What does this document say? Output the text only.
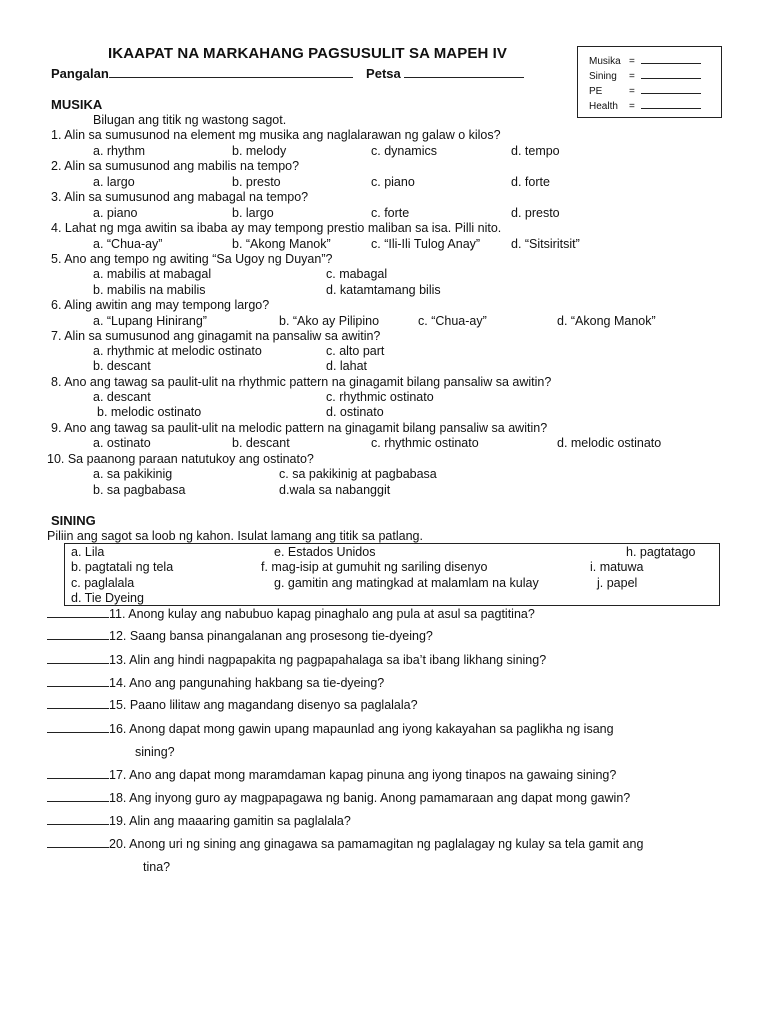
IKAAPAT NA MARKAHANG PAGSUSULIT SA MAPEH IV
Pangalan	Petsa
Musika =
Sining =
PE	=
Health =
MUSIKA
Bilugan ang titik ng wastong sagot.
1. Alin sa sumusunod na element mg musika ang naglalarawan ng galaw o kilos?
a. rhythm	b. melody	c. dynamics	d. tempo
2. Alin sa sumusunod ang mabilis na tempo?
a. largo	b. presto	c. piano	d. forte
3. Alin sa sumusunod ang mabagal na tempo?
a. piano	b. largo	c. forte	d. presto
4. Lahat ng mga awitin sa ibaba ay may tempong prestio maliban sa isa. Pilli nito.
a. “Chua-ay”	b. “Akong Manok”	c. “Ili-Ili Tulog Anay” d. “Sitsiritsit”
5. Ano ang tempo ng awiting “Sa Ugoy ng Duyan”?
a. mabilis at mabagal	c. mabagal
b. mabilis na mabilis	d. katamtamang bilis
6. Aling awitin ang may tempong largo?
a. “Lupang Hinirang”	b. “Ako ay Pilipino	c. “Chua-ay”	d. “Akong Manok”
7. Alin sa sumusunod ang ginagamit na pansaliw sa awitin?
a. rhythmic at melodic ostinato	c. alto part
b. descant	d. lahat
8. Ano ang tawag sa paulit-ulit na rhythmic pattern na ginagamit bilang pansaliw sa awitin?
a. descant	c. rhythmic ostinato
b. melodic ostinato	d. ostinato
9. Ano ang tawag sa paulit-ulit na melodic pattern na ginagamit bilang pansaliw sa awitin?
a. ostinato	b. descant	c. rhythmic ostinato	d. melodic ostinato
10. Sa paanong paraan natutukoy ang ostinato?
a. sa pakikinig	c. sa pakikinig at pagbabasa
b. sa pagbabasa	d.wala sa nabanggit
SINING
Piliin ang sagot sa loob ng kahon. Isulat lamang ang titik sa patlang.
a. Lila	e. Estados Unidos	h. pagtatago
b. pagtatali ng tela	f. mag-isip at gumuhit ng sariling disenyo	i. matuwa
c. paglalala	g. gamitin ang matingkad at malamlam na kulay	j. papel
d. Tie Dyeing
11. Anong kulay ang nabubuo kapag pinaghalo ang pula at asul sa pagtitina?
12. Saang bansa pinangalanan ang prosesong tie-dyeing?
13. Alin ang hindi nagpapakita ng pagpapahalaga sa iba’t ibang likhang sining?
14. Ano ang pangunahing hakbang sa tie-dyeing?
15. Paano lilitaw ang magandang disenyo sa paglalala?
16. Anong dapat mong gawin upang mapaunlad ang iyong kakayahan sa paglikha ng isang
sining?
17. Ano ang dapat mong maramdaman kapag pinuna ang iyong tinapos na gawaing sining?
18. Ang inyong guro ay magpapagawa ng banig. Anong pamamaraan ang dapat mong gawin?
19. Alin ang maaaring gamitin sa paglalala?
20. Anong uri ng sining ang ginagawa sa pamamagitan ng paglalagay ng kulay sa tela gamit ang
tina?
